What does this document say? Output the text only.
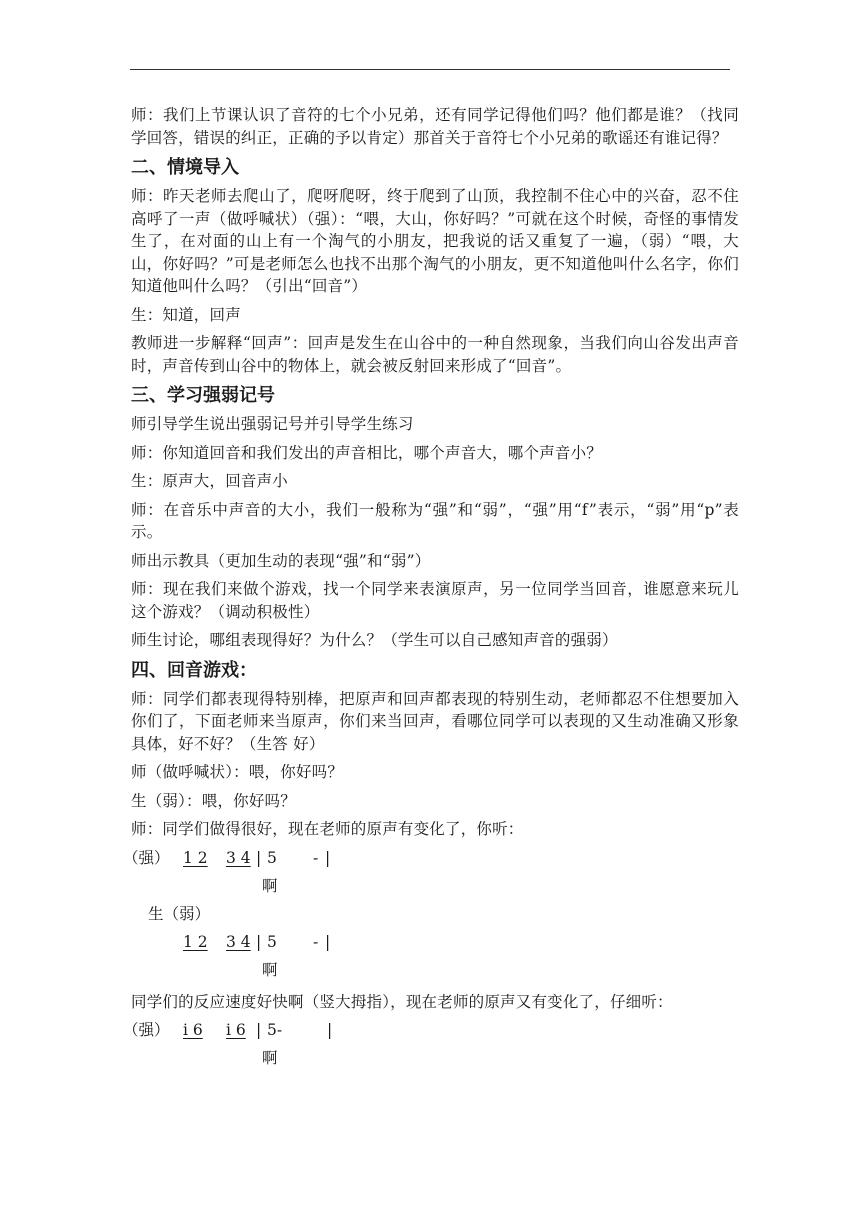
师：我们上节课认识了音符的七个小兄弟，还有同学记得他们吗？他们都是谁？（找同学回答，错误的纠正，正确的予以肯定）那首关于音符七个小兄弟的歌谣还有谁记得？

二、情境导入

师：昨天老师去爬山了，爬呀爬呀，终于爬到了山顶，我控制不住心中的兴奋，忍不住高呼了一声（做呼喊状）（强）：“喂，大山，你好吗？”可就在这个时候，奇怪的事情发生了，在对面的山上有一个淘气的小朋友，把我说的话又重复了一遍，（弱）“喂，大山，你好吗？”可是老师怎么也找不出那个淘气的小朋友，更不知道他叫什么名字，你们知道他叫什么吗？（引出“回音”）

生：知道，回声

教师进一步解释“回声”：回声是发生在山谷中的一种自然现象，当我们向山谷发出声音时，声音传到山谷中的物体上，就会被反射回来形成了“回音”。

三、学习强弱记号

师引导学生说出强弱记号并引导学生练习

师：你知道回音和我们发出的声音相比，哪个声音大，哪个声音小？

生：原声大，回音声小

师：在音乐中声音的大小，我们一般称为“强”和“弱”，“强”用“f”表示，“弱”用“p”表示。

师出示教具（更加生动的表现“强”和“弱”）

师：现在我们来做个游戏，找一个同学来表演原声，另一位同学当回音，谁愿意来玩儿这个游戏？（调动积极性）

师生讨论，哪组表现得好？为什么？（学生可以自己感知声音的强弱）

四、回音游戏：

师：同学们都表现得特别棒，把原声和回声都表现的特别生动，老师都忍不住想要加入你们了，下面老师来当原声，你们来当回声，看哪位同学可以表现的又生动准确又形象具体，好不好？（生答 好）

师（做呼喊状）：喂，你好吗？

生（弱）：喂，你好吗？

师：同学们做得很好，现在老师的原声有变化了，你听：

（强）

1 2

3 4

|

5

-

|

啊

生（弱）

1 2

3 4

|

5

-

|

啊

同学们的反应速度好快啊（竖大拇指），现在老师的原声又有变化了，仔细听：

（强）

i 6

i 6

|

5-

	|

啊
